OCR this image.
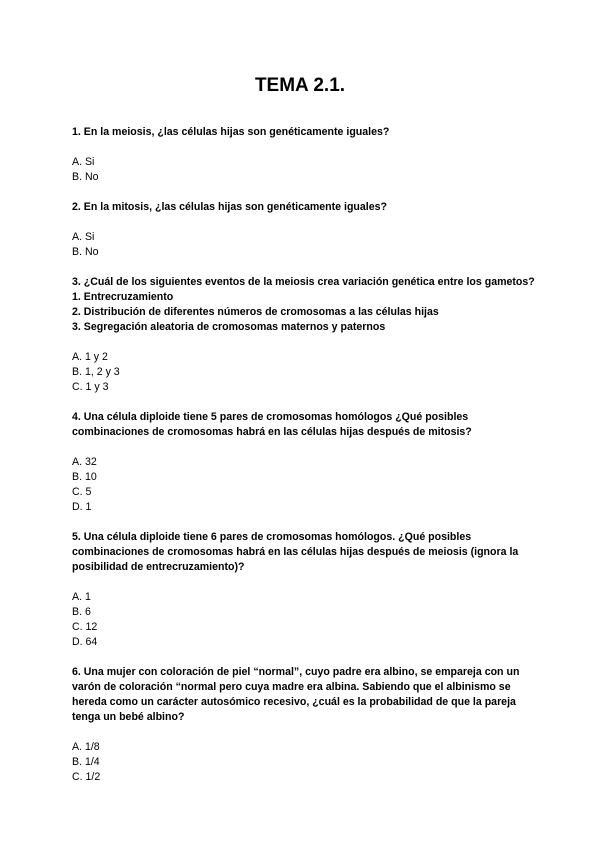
TEMA 2.1.

1. En la meiosis, ¿las células hijas son genéticamente iguales?

A. Si
B. No

2. En la mitosis, ¿las células hijas son genéticamente iguales?

A. Si
B. No

3. ¿Cuál de los siguientes eventos de la meiosis crea variación genética entre los gametos? 1. Entrecruzamiento

2. Distribución de diferentes números de cromosomas a las células hijas

3. Segregación aleatoria de cromosomas maternos y paternos

A. 1 y 2
B. 1, 2 y 3
C. 1 y 3

4. Una célula diploide tiene 5 pares de cromosomas homólogos ¿Qué posibles combinaciones de cromosomas habrá en las células hijas después de mitosis?

A. 32
B. 10
C. 5
D. 1

5. Una célula diploide tiene 6 pares de cromosomas homólogos. ¿Qué posibles combinaciones de cromosomas habrá en las células hijas después de meiosis (ignora la posibilidad de entrecruzamiento)?

A. 1
B. 6
C. 12
D. 64

6. Una mujer con coloración de piel “normal”, cuyo padre era albino, se empareja con un varón de coloración “normal pero cuya madre era albina. Sabiendo que el albinismo se hereda como un carácter autosómico recesivo, ¿cuál es la probabilidad de que la pareja tenga un bebé albino?

A. 1/8
B. 1/4
C. 1/2
